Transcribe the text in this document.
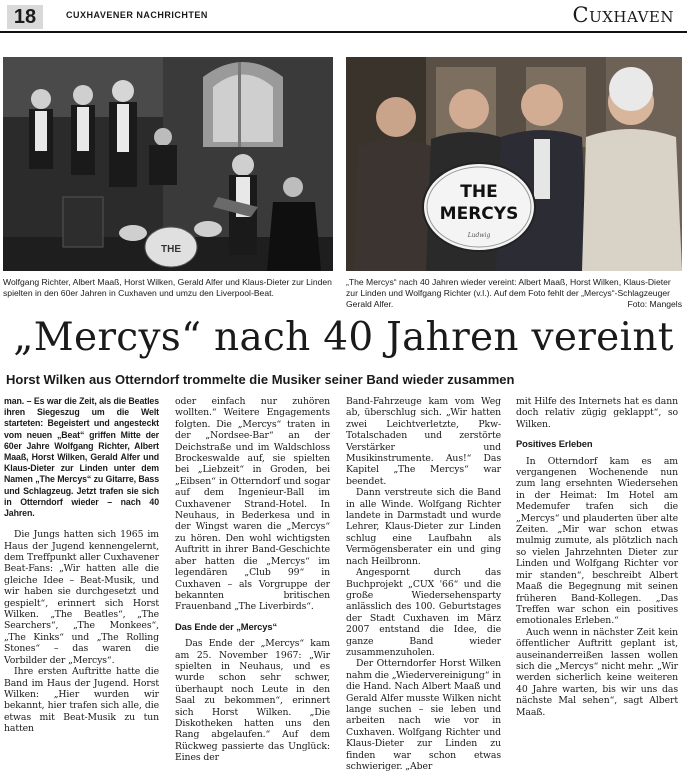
18	CUXHAVENER NACHRICHTEN	Cuxhaven
THE
THE
MERCYS
Ludwig
Wolfgang Richter, Albert Maaß, Horst Wilken, Gerald Alfer und Klaus-Dieter zur Linden spielten in den 60er Jahren in Cuxhaven und umzu den Liverpool-Beat.
„The Mercys“ nach 40 Jahren wieder vereint: Albert Maaß, Horst Wilken, Klaus-Dieter zur Linden und Wolfgang Richter (v.l.). Auf dem Foto fehlt der „Mercys“-Schlagzeuger Gerald Alfer.	Foto: Mangels
„Mercys“ nach 40 Jahren vereint
Horst Wilken aus Otterndorf trommelte die Musiker seiner Band wieder zusammen

man. – Es war die Zeit, als die Beatles ihren Siegeszug um die Welt starteten: Begeistert und angesteckt vom neuen „Beat“ griffen Mitte der 60er Jahre Wolfgang Richter, Albert Maaß, Horst Wilken, Gerald Alfer und Klaus-Dieter zur Linden unter dem Namen „The Mercys“ zu Gitarre, Bass und Schlagzeug. Jetzt trafen sie sich in Otterndorf wieder – nach 40 Jahren.

Die Jungs hatten sich 1965 im Haus der Jugend kennengelernt, dem Treffpunkt aller Cuxhavener Beat-Fans: „Wir hatten alle die gleiche Idee – Beat-Musik, und wir haben sie durchgesetzt und gespielt“, erinnert sich Horst Wilken. „The Beatles“, „The Searchers“, „The Monkees“, „The Kinks“ und „The Rolling Stones“ – das waren die Vorbilder der „Mercys“.

Ihre ersten Auftritte hatte die Band im Haus der Jugend. Horst Wilken: „Hier wurden wir bekannt, hier trafen sich alle, die etwas mit Beat-Musik zu tun hatten

oder einfach nur zuhören wollten.“ Weitere Engagements folgten. Die „Mercys“ traten in der „Nordsee-Bar“ an der Deichstraße und im Waldschloss Brockeswalde auf, sie spielten bei „Liebzeit“ in Groden, bei „Eibsen“ in Otterndorf und sogar auf dem Ingenieur-Ball im Cuxhavener Strand-Hotel. In Neuhaus, in Bederkesa und in der Wingst waren die „Mercys“ zu hören. Den wohl wichtigsten Auftritt in ihrer Band-Geschichte aber hatten die „Mercys“ im legendären „Club 99“ in Cuxhaven – als Vorgruppe der bekannten britischen Frauenband „The Liverbirds“.

Das Ende der „Mercys“

Das Ende der „Mercys“ kam am 25. November 1967: „Wir spielten in Neuhaus, und es wurde schon sehr schwer, überhaupt noch Leute in den Saal zu bekommen“, erinnert sich Horst Wilken. „Die Diskotheken hatten uns den Rang abgelaufen.“ Auf dem Rückweg passierte das Unglück: Eines der

Band-Fahrzeuge kam vom Weg ab, überschlug sich. „Wir hatten zwei Leichtverletzte, Pkw-Totalschaden und zerstörte Verstärker und Musikinstrumente. Aus!“ Das Kapitel „The Mercys“ war beendet.

Dann verstreute sich die Band in alle Winde. Wolfgang Richter landete in Darmstadt und wurde Lehrer, Klaus-Dieter zur Linden schlug eine Laufbahn als Vermögensberater ein und ging nach Heilbronn.

Angespornt durch das Buchprojekt „CUX '66“ und die große Wiedersehensparty anlässlich des 100. Geburtstages der Stadt Cuxhaven im März 2007 entstand die Idee, die ganze Band wieder zusammenzuholen.

Der Otterndorfer Horst Wilken nahm die „Wiedervereinigung“ in die Hand. Nach Albert Maaß und Gerald Alfer musste Wilken nicht lange suchen – sie leben und arbeiten nach wie vor in Cuxhaven. Wolfgang Richter und Klaus-Dieter zur Linden zu finden war schon etwas schwieriger. „Aber

mit Hilfe des Internets hat es dann doch relativ zügig geklappt“, so Wilken.

Positives Erleben

In Otterndorf kam es am vergangenen Wochenende nun zum lang ersehnten Wiedersehen in der Heimat: Im Hotel am Medemufer trafen sich die „Mercys“ und plauderten über alte Zeiten. „Mir war schon etwas mulmig zumute, als plötzlich nach so vielen Jahrzehnten Dieter zur Linden und Wolfgang Richter vor mir standen“, beschreibt Albert Maaß die Begegnung mit seinen früheren Band-Kollegen. „Das Treffen war schon ein positives emotionales Erleben.“

Auch wenn in nächster Zeit kein öffentlicher Auftritt geplant ist, auseinanderreißen lassen wollen sich die „Mercys“ nicht mehr. „Wir werden sicherlich keine weiteren 40 Jahre warten, bis wir uns das nächste Mal sehen“, sagt Albert Maaß.
